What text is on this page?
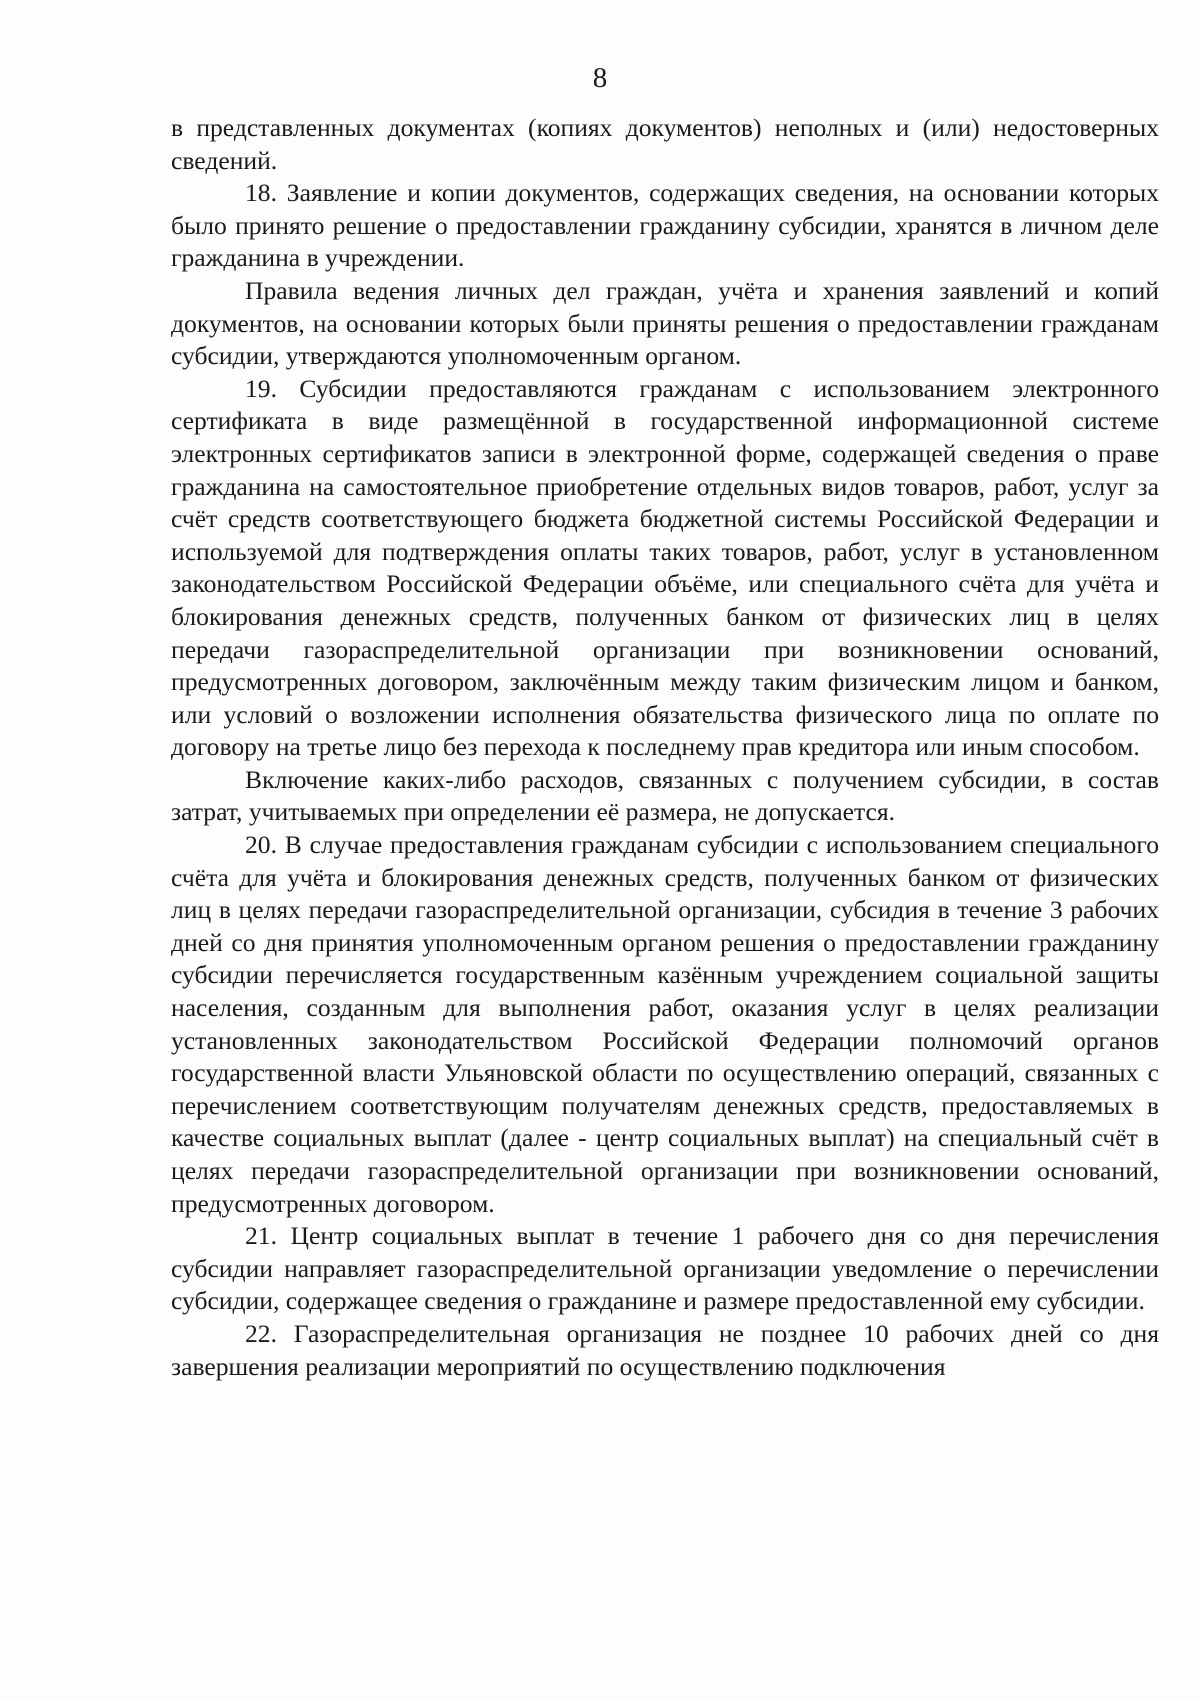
8

в представленных документах (копиях документов) неполных и (или) недостоверных сведений.

18. Заявление и копии документов, содержащих сведения, на основании которых было принято решение о предоставлении гражданину субсидии, хранятся в личном деле гражданина в учреждении.

Правила ведения личных дел граждан, учёта и хранения заявлений и копий документов, на основании которых были приняты решения о предоставлении гражданам субсидии, утверждаются уполномоченным органом.

19. Субсидии предоставляются гражданам с использованием электронного сертификата в виде размещённой в государственной информационной системе электронных сертификатов записи в электронной форме, содержащей сведения о праве гражданина на самостоятельное приобретение отдельных видов товаров, работ, услуг за счёт средств соответствующего бюджета бюджетной системы Российской Федерации и используемой для подтверждения оплаты таких товаров, работ, услуг в установленном законодательством Российской Федерации объёме, или специального счёта для учёта и блокирования денежных средств, полученных банком от физических лиц в целях передачи газораспределительной организации при возникновении оснований, предусмотренных договором, заключённым между таким физическим лицом и банком, или условий о возложении исполнения обязательства физического лица по оплате по договору на третье лицо без перехода к последнему прав кредитора или иным способом.

Включение каких-либо расходов, связанных с получением субсидии, в состав затрат, учитываемых при определении её размера, не допускается.

20. В случае предоставления гражданам субсидии с использованием специального счёта для учёта и блокирования денежных средств, полученных банком от физических лиц в целях передачи газораспределительной организации, субсидия в течение 3 рабочих дней со дня принятия уполномоченным органом решения о предоставлении гражданину субсидии перечисляется государственным казённым учреждением социальной защиты населения, созданным для выполнения работ, оказания услуг в целях реализации установленных законодательством Российской Федерации полномочий органов государственной власти Ульяновской области по осуществлению операций, связанных с перечислением соответствующим получателям денежных средств, предоставляемых в качестве социальных выплат (далее - центр социальных выплат) на специальный счёт в целях передачи газораспределительной организации при возникновении оснований, предусмотренных договором.

21. Центр социальных выплат в течение 1 рабочего дня со дня перечисления субсидии направляет газораспределительной организации уведомление о перечислении субсидии, содержащее сведения о гражданине и размере предоставленной ему субсидии.

22. Газораспределительная организация не позднее 10 рабочих дней со дня завершения реализации мероприятий по осуществлению подключения
